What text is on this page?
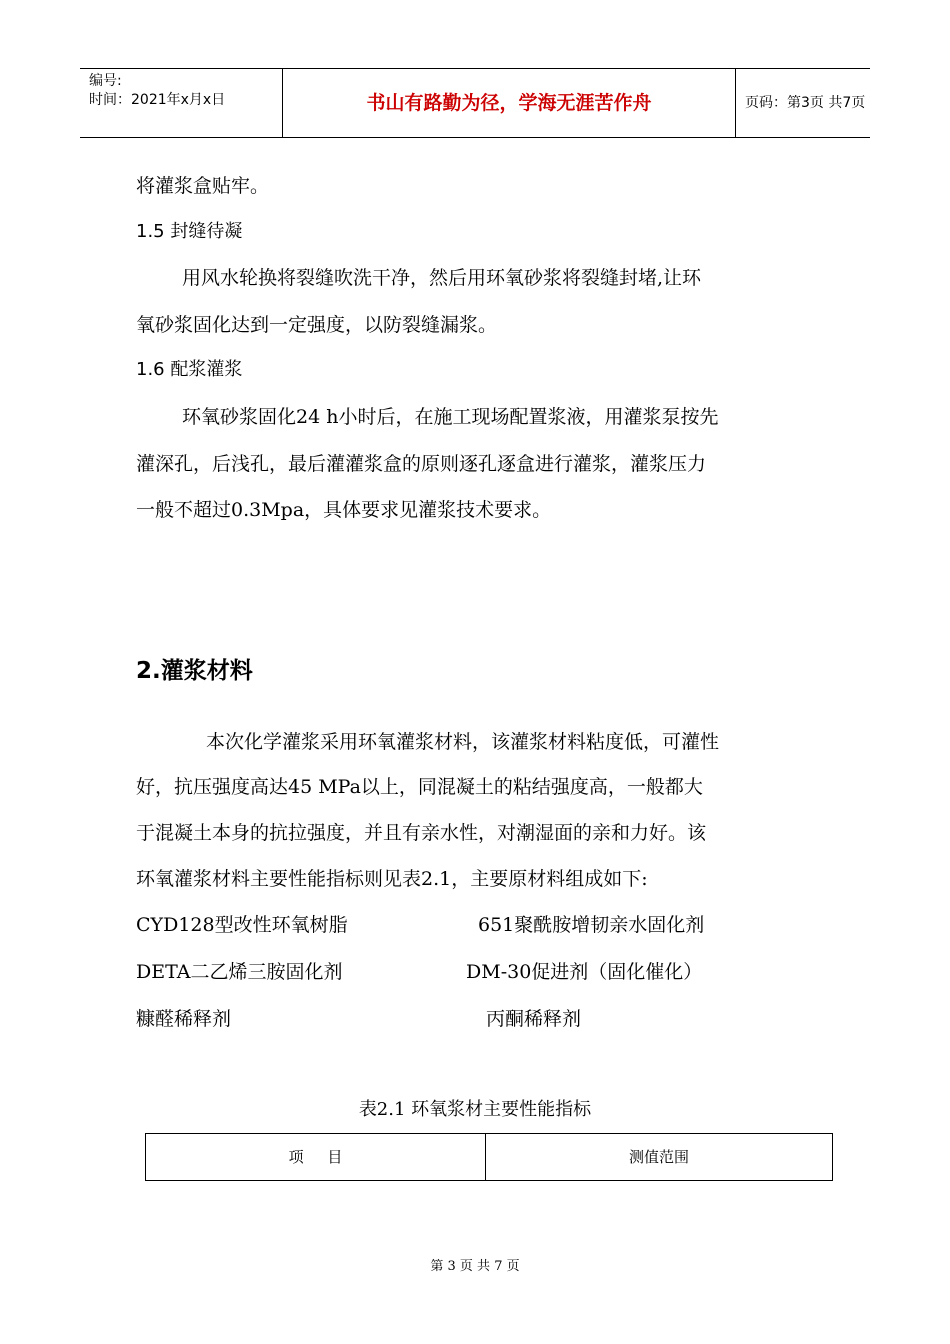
编号:
时间：2021年x月x日	书山有路勤为径，学海无涯苦作舟	页码：第3页 共7页
将灌浆盒贴牢。
1.5 封缝待凝
用风水轮换将裂缝吹洗干净，然后用环氧砂浆将裂缝封堵,让环
氧砂浆固化达到一定强度，以防裂缝漏浆。
1.6 配浆灌浆
环氧砂浆固化24 h小时后，在施工现场配置浆液，用灌浆泵按先
灌深孔，后浅孔，最后灌灌浆盒的原则逐孔逐盒进行灌浆，灌浆压力
一般不超过0.3Mpa，具体要求见灌浆技术要求。
2.灌浆材料
本次化学灌浆采用环氧灌浆材料，该灌浆材料粘度低，可灌性
好，抗压强度高达45 MPa以上，同混凝土的粘结强度高，一般都大
于混凝土本身的抗拉强度，并且有亲水性，对潮湿面的亲和力好。该
环氧灌浆材料主要性能指标则见表2.1，主要原材料组成如下:
CYD128型改性环氧树脂	651聚酰胺增韧亲水固化剂
DETA二乙烯三胺固化剂	DM-30促进剂（固化催化）
糠醛稀释剂	丙酮稀释剂
表2.1 环氧浆材主要性能指标
项     目	测值范围
第 3 页 共 7 页
